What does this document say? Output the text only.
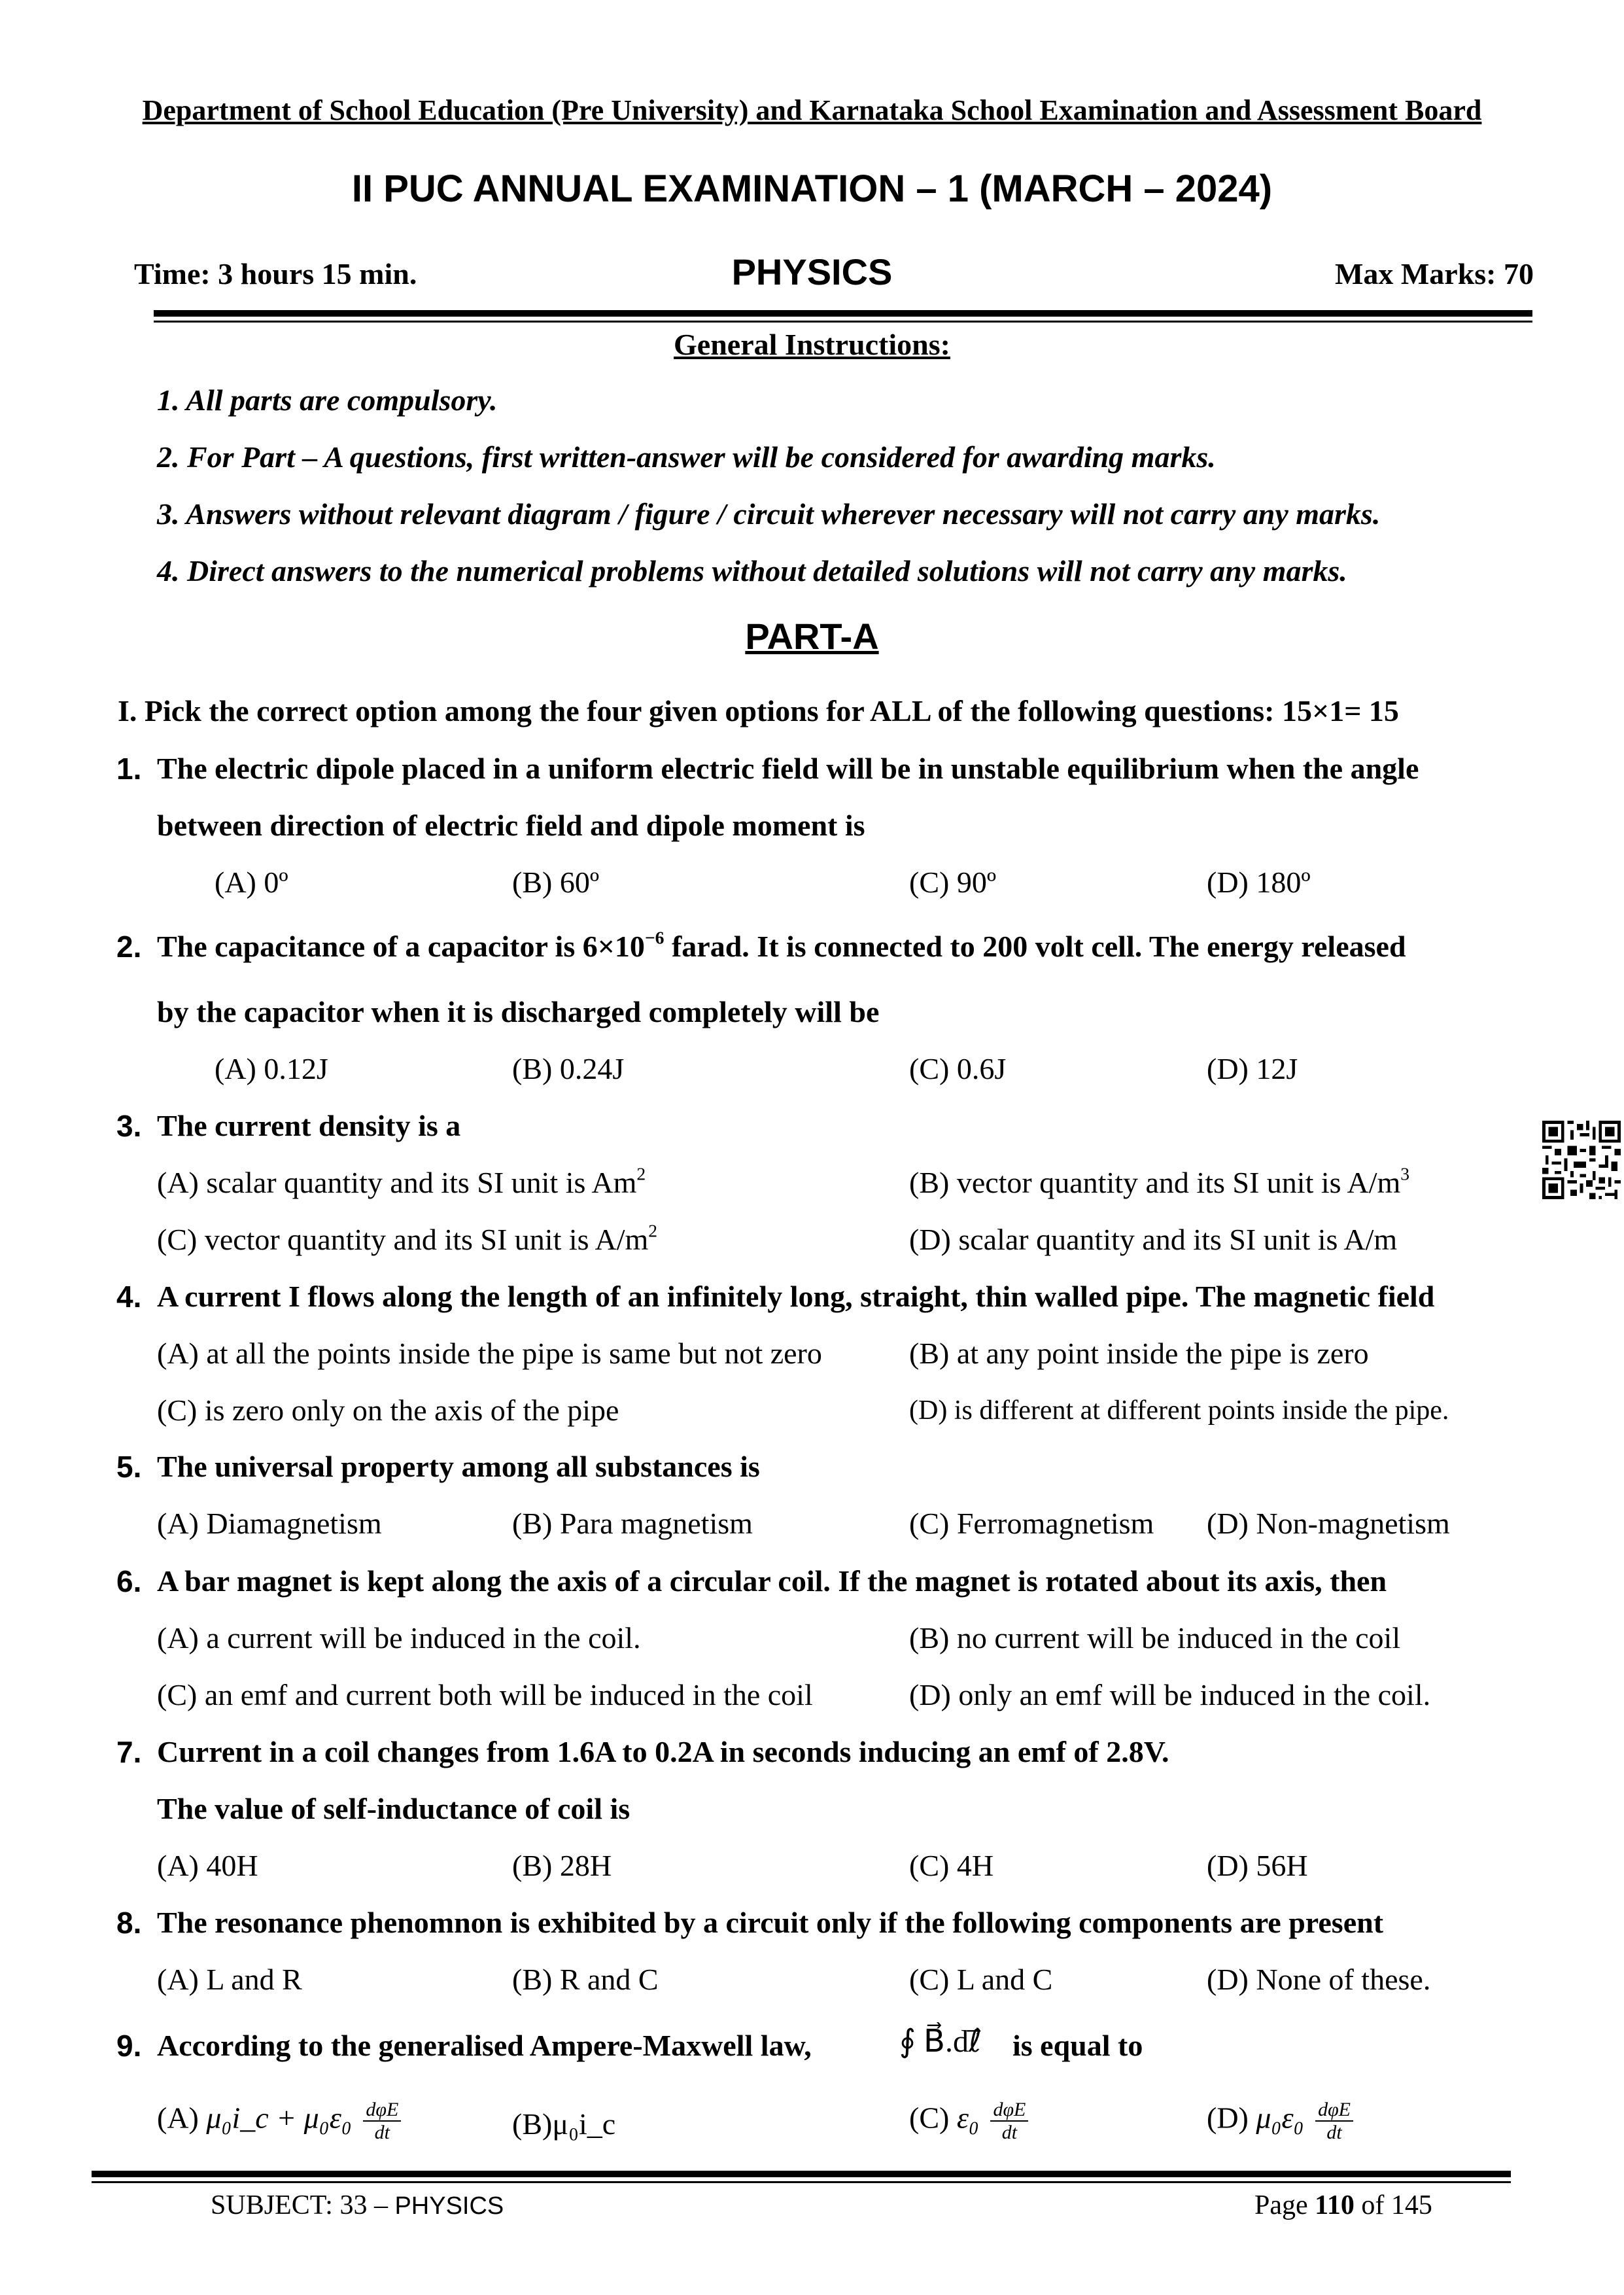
Department of School Education (Pre University) and Karnataka School Examination and Assessment Board
II PUC ANNUAL EXAMINATION – 1 (MARCH – 2024)
Time: 3 hours 15 min.	PHYSICS	Max Marks: 70
General Instructions:
1. All parts are compulsory.
2. For Part – A questions, first written-answer will be considered for awarding marks.
3. Answers without relevant diagram / figure / circuit wherever necessary will not carry any marks.
4. Direct answers to the numerical problems without detailed solutions will not carry any marks.
PART-A
I. Pick the correct option among the four given options for ALL of the following questions: 15×1= 15
1. The electric dipole placed in a uniform electric field will be in unstable equilibrium when the angle
between direction of electric field and dipole moment is
(A) 0º	(B) 60º	(C) 90º	(D) 180º
2. The capacitance of a capacitor is $6\times 10^{-6}$ farad. It is connected to 200 volt cell. The energy released
by the capacitor when it is discharged completely will be
(A) 0.12J	(B) 0.24J	(C) 0.6J	(D) 12J
3. The current density is a
(A) scalar quantity and its SI unit is Am$^2$	(B) vector quantity and its SI unit is $A/m^3$
(C) vector quantity and its SI unit is $A/m^2$	(D) scalar quantity and its SI unit is A/m
4. A current I flows along the length of an infinitely long, straight, thin walled pipe. The magnetic field
(A) at all the points inside the pipe is same but not zero	(B) at any point inside the pipe is zero
(C) is zero only on the axis of the pipe	(D) is different at different points inside the pipe.
5. The universal property among all substances is
(A) Diamagnetism	(B) Para magnetism	(C) Ferromagnetism (D) Non-magnetism
6. A bar magnet is kept along the axis of a circular coil. If the magnet is rotated about its axis, then
(A) a current will be induced in the coil.	(B) no current will be induced in the coil
(C) an emf and current both will be induced in the coil	(D) only an emf will be induced in the coil.
7. Current in a coil changes from 1.6A to 0.2A in seconds inducing an emf of 2.8V.
The value of self-inductance of coil is
(A) 40H	(B) 28H	(C) 4H	(D) 56H
8. The resonance phenomnon is exhibited by a circuit only if the following components are present
(A) L and R	(B) R and C	(C) L and C	(D) None of these.
9. According to the generalised Ampere-Maxwell law,	∮ B⃗.dℓ⃗ is equal to
(A) μ₀i_c + $\mu_0\varepsilon_0 \frac{\text{dφE}}{dt}$	(B)μ₀i_c	(C) $\varepsilon_0 \frac{\text{dφE}}{dt}$	(D) $\mu_0\varepsilon_0 \frac{\text{dφE}}{dt}$
SUBJECT: 33 – PHYSICS	Page 110 of 145
